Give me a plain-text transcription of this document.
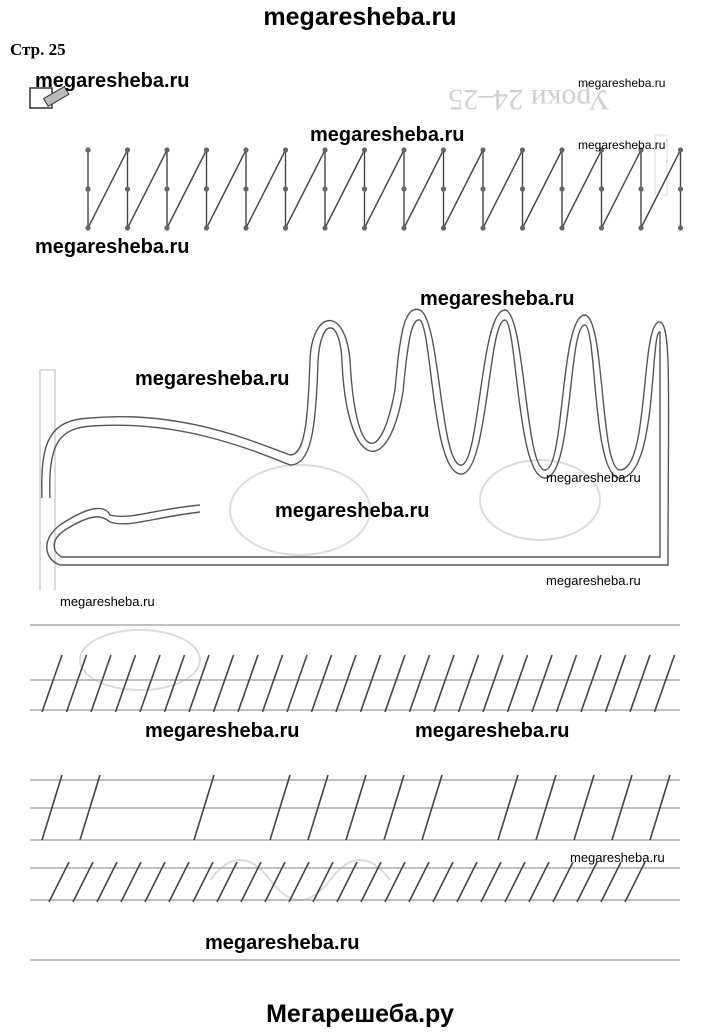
megaresheba.ru
Стр. 25
Уроки 24–25
megaresheba.ru	megaresheba.ru
megaresheba.ru	megaresheba.ru
megaresheba.ru
megaresheba.ru
megaresheba.ru
megaresheba.ru
megaresheba.ru
megaresheba.ru
megaresheba.ru
megaresheba.ru	megaresheba.ru
megaresheba.ru
megaresheba.ru
Мегарешеба.ру
